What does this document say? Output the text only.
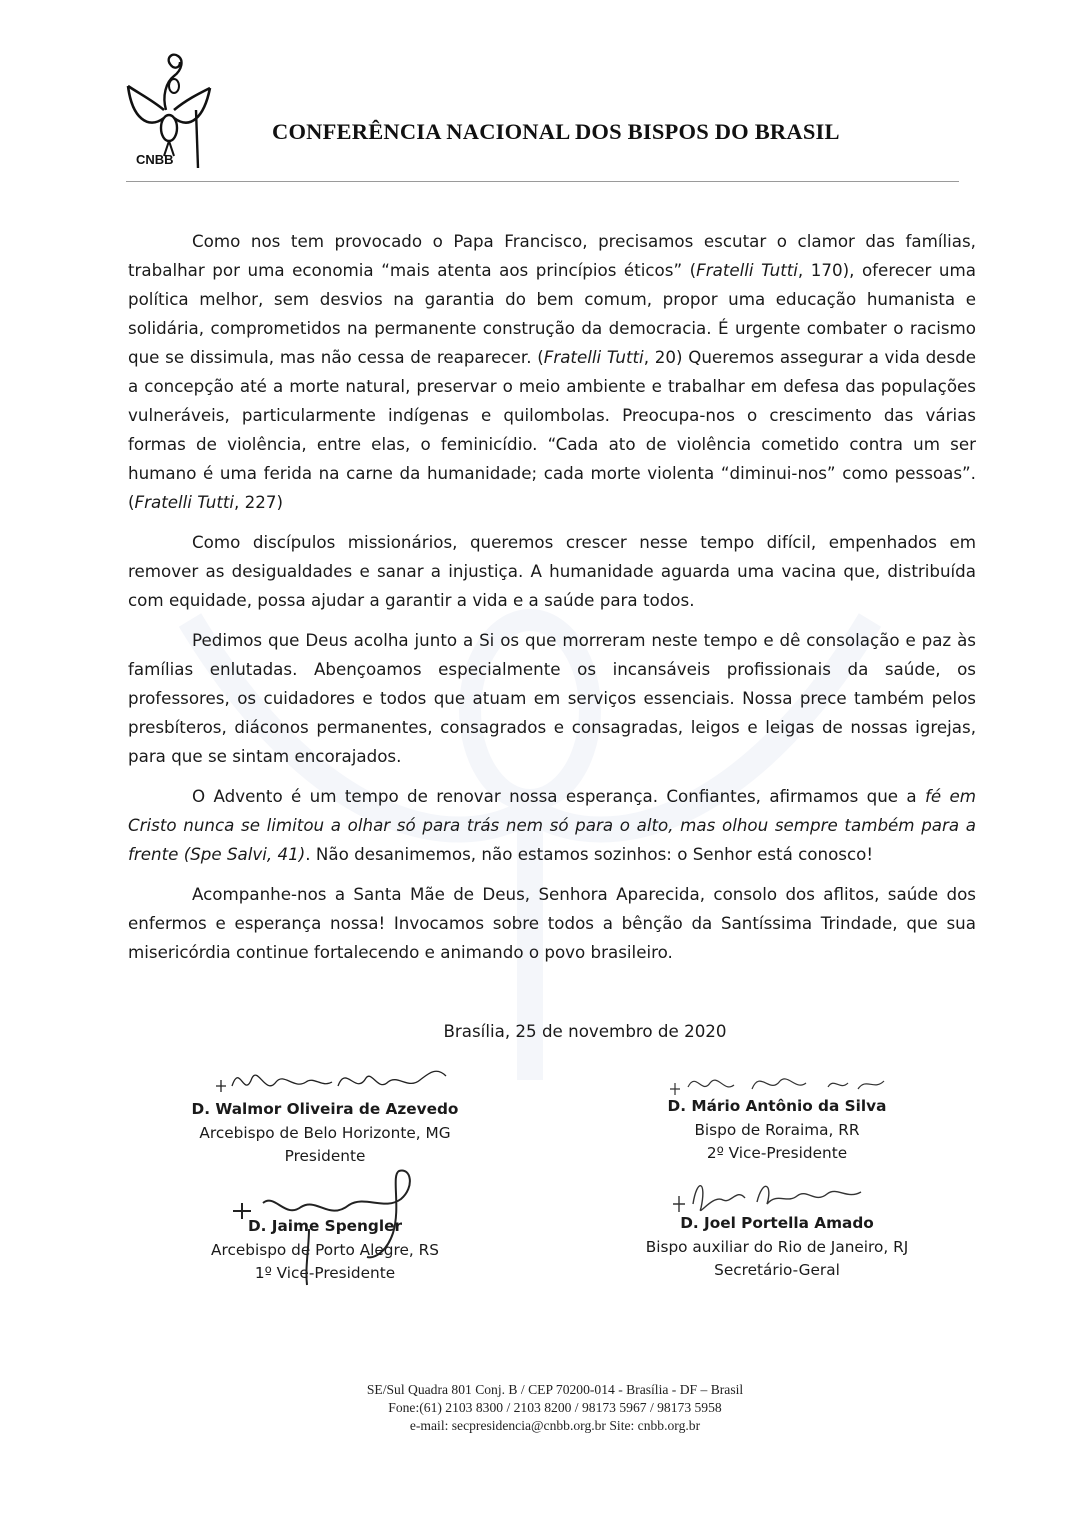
CNBB
CONFERÊNCIA NACIONAL DOS BISPOS DO BRASIL

Como nos tem provocado o Papa Francisco, precisamos escutar o clamor das famílias, trabalhar por uma economia “mais atenta aos princípios éticos” (Fratelli Tutti, 170), oferecer uma política melhor, sem desvios na garantia do bem comum, propor uma educação humanista e solidária, comprometidos na permanente construção da democracia. É urgente combater o racismo que se dissimula, mas não cessa de reaparecer. (Fratelli Tutti, 20) Queremos assegurar a vida desde a concepção até a morte natural, preservar o meio ambiente e trabalhar em defesa das populações vulneráveis, particularmente indígenas e quilombolas. Preocupa-nos o crescimento das várias formas de violência, entre elas, o feminicídio. “Cada ato de violência cometido contra um ser humano é uma ferida na carne da humanidade; cada morte violenta “diminui-nos” como pessoas”. (Fratelli Tutti, 227)

Como discípulos missionários, queremos crescer nesse tempo difícil, empenhados em remover as desigualdades e sanar a injustiça. A humanidade aguarda uma vacina que, distribuída com equidade, possa ajudar a garantir a vida e a saúde para todos.

Pedimos que Deus acolha junto a Si os que morreram neste tempo e dê consolação e paz às famílias enlutadas. Abençoamos especialmente os incansáveis profissionais da saúde, os professores, os cuidadores e todos que atuam em serviços essenciais. Nossa prece também pelos presbíteros, diáconos permanentes, consagrados e consagradas, leigos e leigas de nossas igrejas, para que se sintam encorajados.

O Advento é um tempo de renovar nossa esperança. Confiantes, afirmamos que a fé em Cristo nunca se limitou a olhar só para trás nem só para o alto, mas olhou sempre também para a frente (Spe Salvi, 41). Não desanimemos, não estamos sozinhos: o Senhor está conosco!

Acompanhe-nos a Santa Mãe de Deus, Senhora Aparecida, consolo dos aflitos, saúde dos enfermos e esperança nossa! Invocamos sobre todos a bênção da Santíssima Trindade, que sua misericórdia continue fortalecendo e animando o povo brasileiro.

Brasília, 25 de novembro de 2020
D. Walmor Oliveira de Azevedo
Arcebispo de Belo Horizonte, MG
Presidente
D. Mário Antônio da Silva
Bispo de Roraima, RR
2º Vice-Presidente
D. Jaime Spengler
Arcebispo de Porto Alegre, RS
1º Vice-Presidente
D. Joel Portella Amado
Bispo auxiliar do Rio de Janeiro, RJ
Secretário-Geral
SE/Sul Quadra 801 Conj. B / CEP 70200-014 - Brasília - DF – Brasil
Fone:(61) 2103 8300 / 2103 8200 / 98173 5967 / 98173 5958
e-mail: secpresidencia@cnbb.org.br Site: cnbb.org.br
